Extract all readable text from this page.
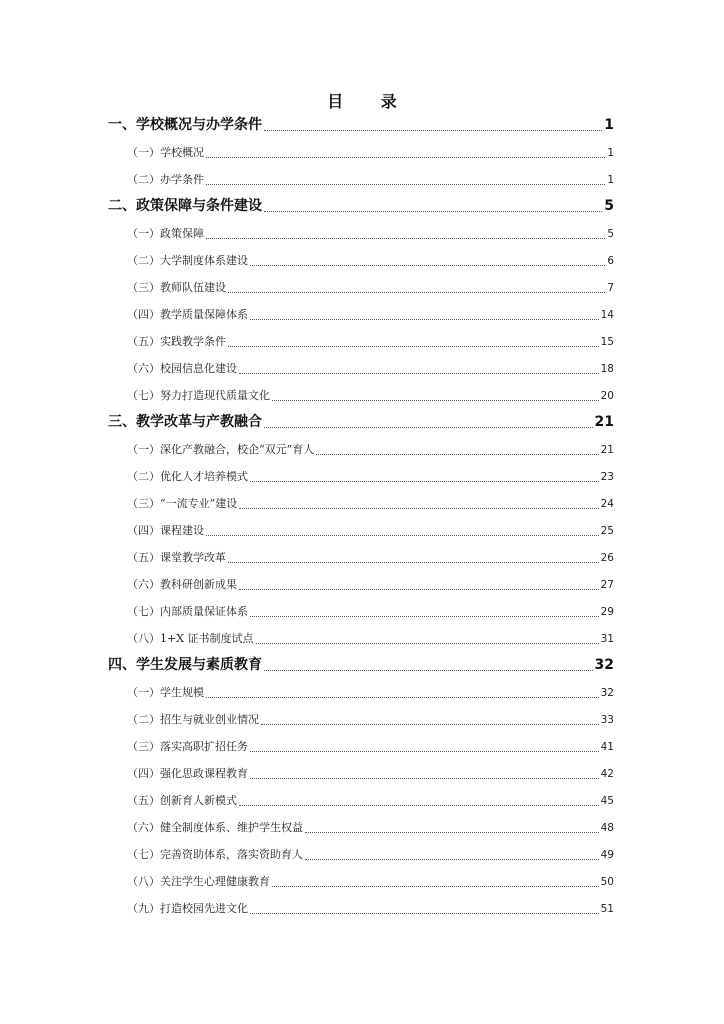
目 录
一、学校概况与办学条件	1
（一）学校概况	1
（二）办学条件	1
二、政策保障与条件建设	5
（一）政策保障	5
（二）大学制度体系建设	6
（三）教师队伍建设	7
（四）教学质量保障体系	14
（五）实践教学条件	15
（六）校园信息化建设	18
（七）努力打造现代质量文化	20
三、教学改革与产教融合	21
（一）深化产教融合，校企“双元”育人	21
（二）优化人才培养模式	23
（三）“一流专业”建设	24
（四）课程建设	25
（五）课堂教学改革	26
（六）教科研创新成果	27
（七）内部质量保证体系	29
（八）1+X 证书制度试点	31
四、学生发展与素质教育	32
（一）学生规模	32
（二）招生与就业创业情况	33
（三）落实高职扩招任务	41
（四）强化思政课程教育	42
（五）创新育人新模式	45
（六）健全制度体系、维护学生权益	48
（七）完善资助体系，落实资助育人	49
（八）关注学生心理健康教育	50
（九）打造校园先进文化	51
